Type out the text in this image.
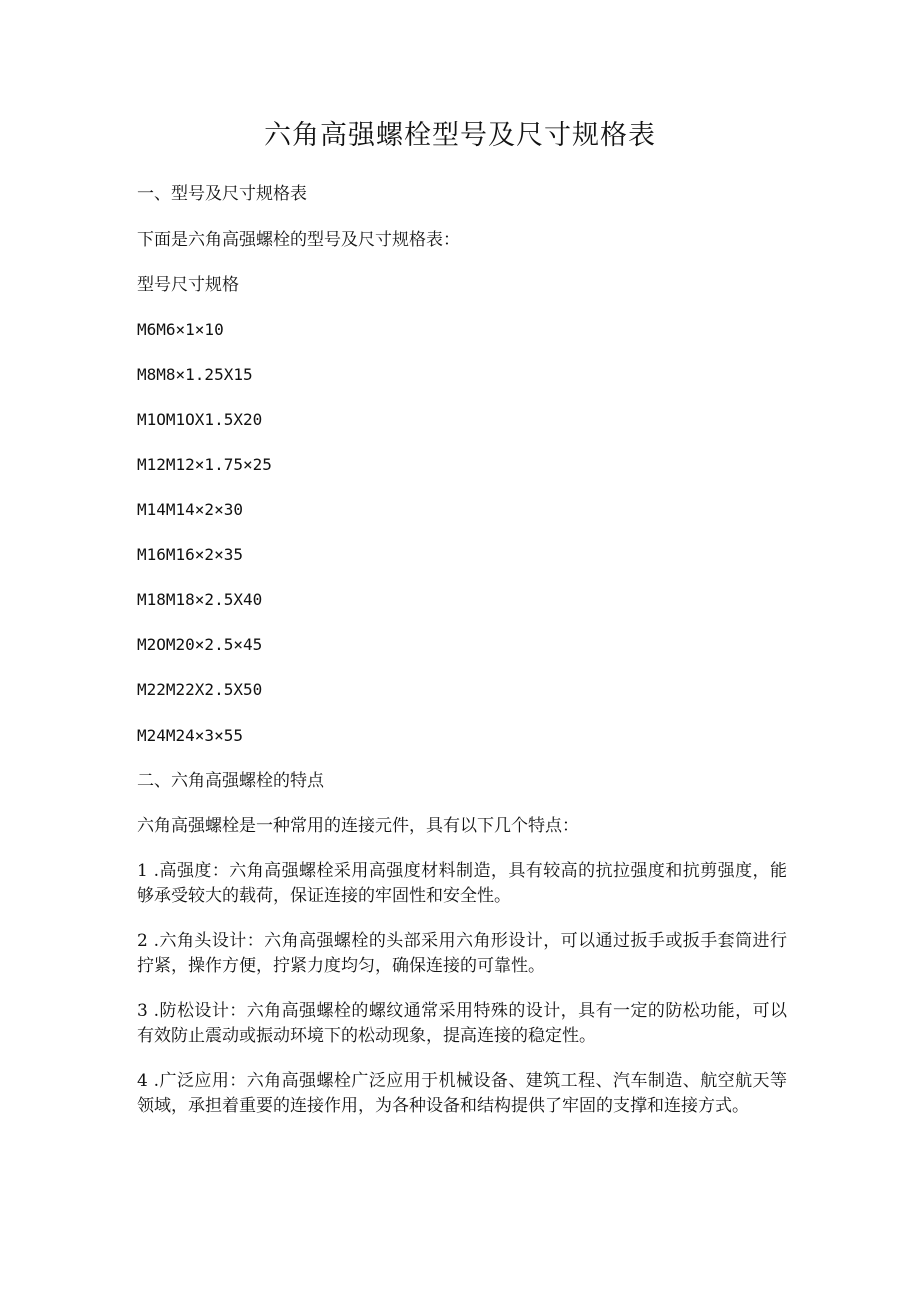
六角高强螺栓型号及尺寸规格表
一、型号及尺寸规格表
下面是六角高强螺栓的型号及尺寸规格表：
型号尺寸规格
M6M6×1×10
M8M8×1.25X15
M1OM1OX1.5X20
M12M12×1.75×25
M14M14×2×30
M16M16×2×35
M18M18×2.5X40
M2OM20×2.5×45
M22M22X2.5X50
M24M24×3×55
二、六角高强螺栓的特点
六角高强螺栓是一种常用的连接元件，具有以下几个特点：
1 .高强度：六角高强螺栓采用高强度材料制造，具有较高的抗拉强度和抗剪强度，能够承受较大的载荷，保证连接的牢固性和安全性。
2 .六角头设计：六角高强螺栓的头部采用六角形设计，可以通过扳手或扳手套筒进行拧紧，操作方便，拧紧力度均匀，确保连接的可靠性。
3 .防松设计：六角高强螺栓的螺纹通常采用特殊的设计，具有一定的防松功能，可以有效防止震动或振动环境下的松动现象，提高连接的稳定性。
4 .广泛应用：六角高强螺栓广泛应用于机械设备、建筑工程、汽车制造、航空航天等领域，承担着重要的连接作用，为各种设备和结构提供了牢固的支撑和连接方式。
